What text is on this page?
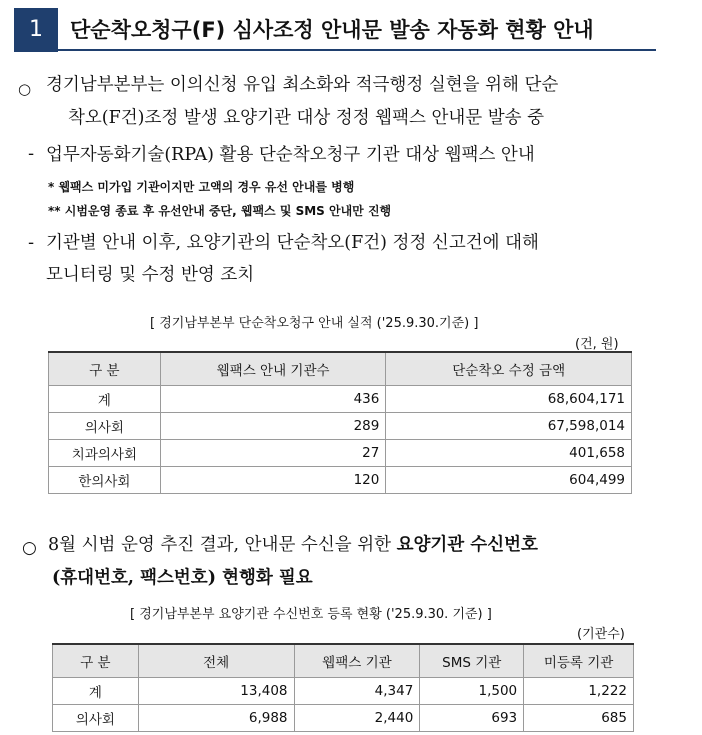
1	단순착오청구(F) 심사조정 안내문 발송 자동화 현황 안내
○ 경기남부본부는 이의신청 유입 최소화와 적극행정 실현을 위해 단순
착오(F건)조정 발생 요양기관 대상 정정 웹팩스 안내문 발송 중
- 업무자동화기술(RPA) 활용 단순착오청구 기관 대상 웹팩스 안내
* 웹팩스 미가입 기관이지만 고액의 경우 유선 안내를 병행
** 시범운영 종료 후 유선안내 중단, 웹팩스 및 SMS 안내만 진행
- 기관별 안내 이후, 요양기관의 단순착오(F건) 정정 신고건에 대해
모니터링 및 수정 반영 조치
[ 경기남부본부 단순착오청구 안내 실적 ('25.9.30.기준) ]
(건, 원)
구 분	웹팩스 안내 기관수	단순착오 수정 금액
계	436	68,604,171
의사회	289	67,598,014
치과의사회	27	401,658
한의사회	120	604,499
○ 8월 시범 운영 추진 결과, 안내문 수신을 위한 요양기관 수신번호
(휴대번호, 팩스번호) 현행화 필요
[ 경기남부본부 요양기관 수신번호 등록 현황 ('25.9.30. 기준) ]
(기관수)
구 분	전체	웹팩스 기관	SMS 기관	미등록 기관
계	13,408	4,347	1,500	1,222
의사회	6,988	2,440	693	685
